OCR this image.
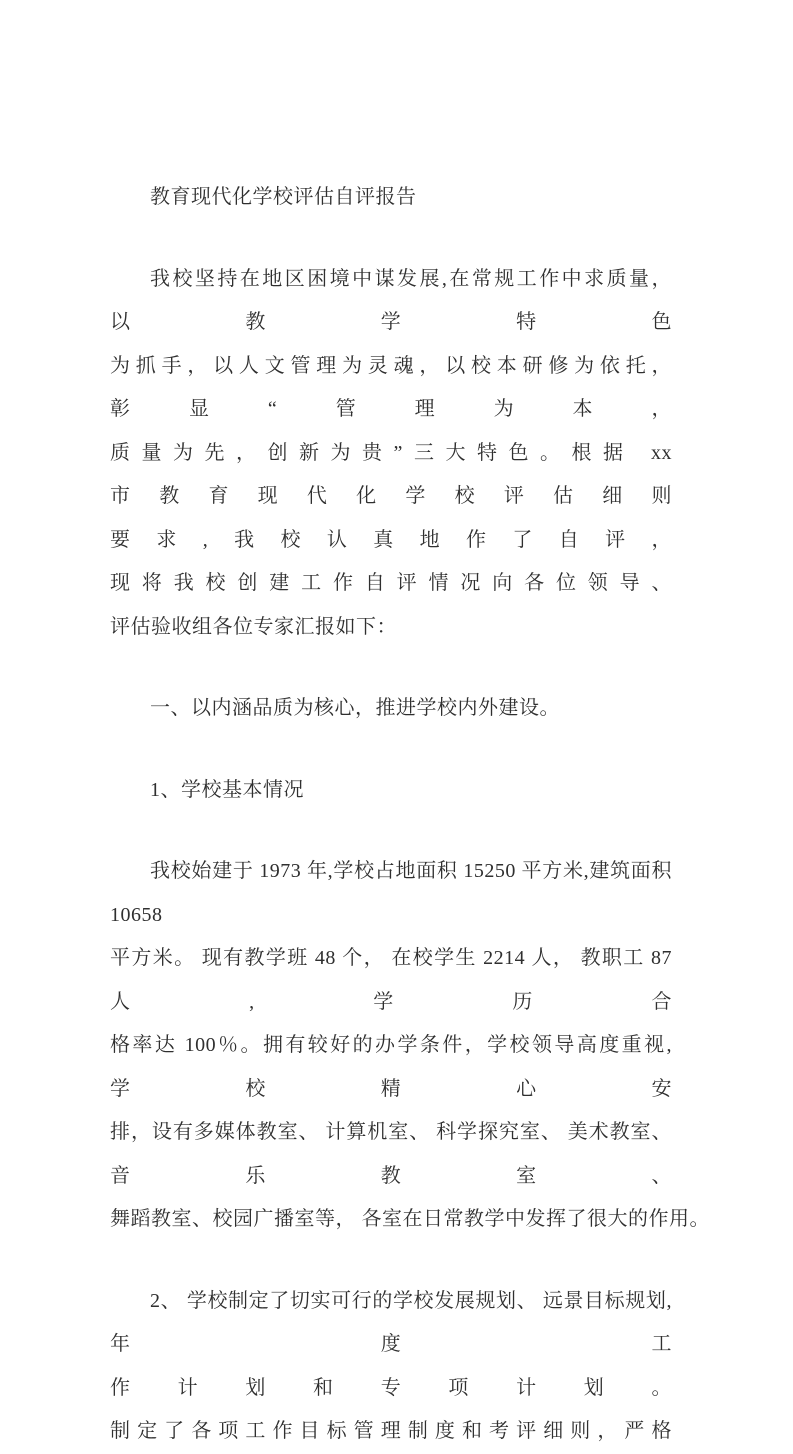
教育现代化学校评估自评报告
我校坚持在地区困境中谋发展,在常规工作中求质量，以教学特色
为抓手，以人文管理为灵魂，以校本研修为依托，彰显“管理为本，
质量为先，创新为贵”三大特色。根据 xx 市教育现代化学校评估细则
要求,我校认真地作了自评， 现将我校创建工作自评情况向各位领导、
评估验收组各位专家汇报如下：
一、以内涵品质为核心，推进学校内外建设。
1、学校基本情况
我校始建于 1973 年,学校占地面积 15250 平方米,建筑面积 10658
平方米。 现有教学班 48 个， 在校学生 2214 人， 教职工 87 人,学历合
格率达 100％。拥有较好的办学条件，学校领导高度重视,学校精心安
排，设有多媒体教室、 计算机室、 科学探究室、 美术教室、 音乐教室、
舞蹈教室、校园广播室等， 各室在日常教学中发挥了很大的作用。
2、 学校制定了切实可行的学校发展规划、 远景目标规划,年度工
作计划和专项计划。制定了各项工作目标管理制度和考评细则，严格
